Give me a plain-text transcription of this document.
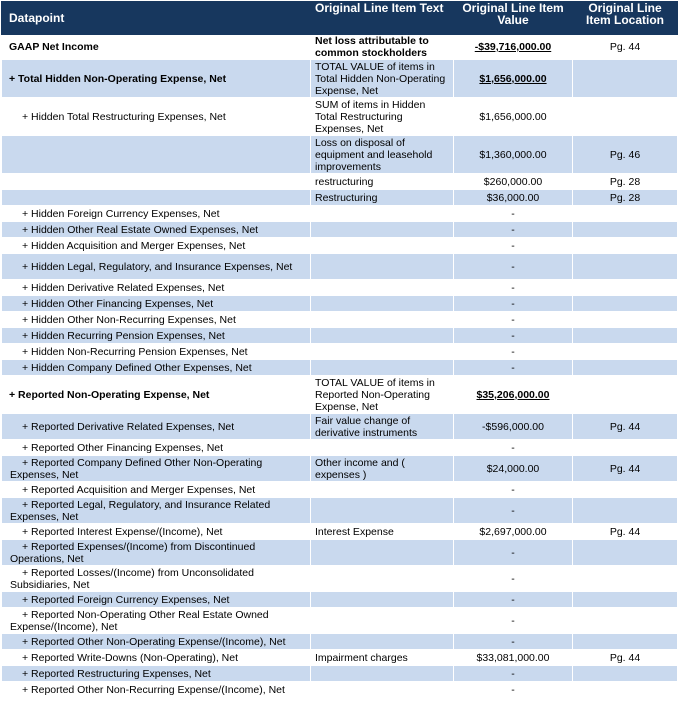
Datapoint	Original Line Item Text	Original Line Item Value	Original Line Item Location
GAAP Net Income	Net loss attributable to common stockholders	-$39,716,000.00	Pg. 44
+ Total Hidden Non-Operating Expense, Net	TOTAL VALUE of items in Total Hidden Non-Operating Expense, Net	$1,656,000.00	
+ Hidden Total Restructuring Expenses, Net	SUM of items in Hidden Total Restructuring Expenses, Net	$1,656,000.00	
	Loss on disposal of equipment and leasehold improvements	$1,360,000.00	Pg. 46
	restructuring	$260,000.00	Pg. 28
	Restructuring	$36,000.00	Pg. 28
+ Hidden Foreign Currency Expenses, Net		-	
+ Hidden Other Real Estate Owned Expenses, Net		-	
+ Hidden Acquisition and Merger Expenses, Net		-	
+ Hidden Legal, Regulatory, and Insurance Expenses, Net		-	
+ Hidden Derivative Related Expenses, Net		-	
+ Hidden Other Financing Expenses, Net		-	
+ Hidden Other Non-Recurring Expenses, Net		-	
+ Hidden Recurring Pension Expenses, Net		-	
+ Hidden Non-Recurring Pension Expenses, Net		-	
+ Hidden Company Defined Other Expenses, Net		-	
+ Reported Non-Operating Expense, Net	TOTAL VALUE of items in Reported Non-Operating Expense, Net	$35,206,000.00	
+ Reported Derivative Related Expenses, Net	Fair value change of derivative instruments	-$596,000.00	Pg. 44
+ Reported Other Financing Expenses, Net		-	
+ Reported Company Defined Other Non-Operating Expenses, Net	Other income and ( expenses )	$24,000.00	Pg. 44
+ Reported Acquisition and Merger Expenses, Net		-	
+ Reported Legal, Regulatory, and Insurance Related Expenses, Net		-	
+ Reported Interest Expense/(Income), Net	Interest Expense	$2,697,000.00	Pg. 44
+ Reported Expenses/(Income) from Discontinued Operations, Net		-	
+ Reported Losses/(Income) from Unconsolidated Subsidiaries, Net		-	
+ Reported Foreign Currency Expenses, Net		-	
+ Reported Non-Operating Other Real Estate Owned Expense/(Income), Net		-	
+ Reported Other Non-Operating Expense/(Income), Net		-	
+ Reported Write-Downs (Non-Operating), Net	Impairment charges	$33,081,000.00	Pg. 44
+ Reported Restructuring Expenses, Net		-	
+ Reported Other Non-Recurring Expense/(Income), Net		-	
